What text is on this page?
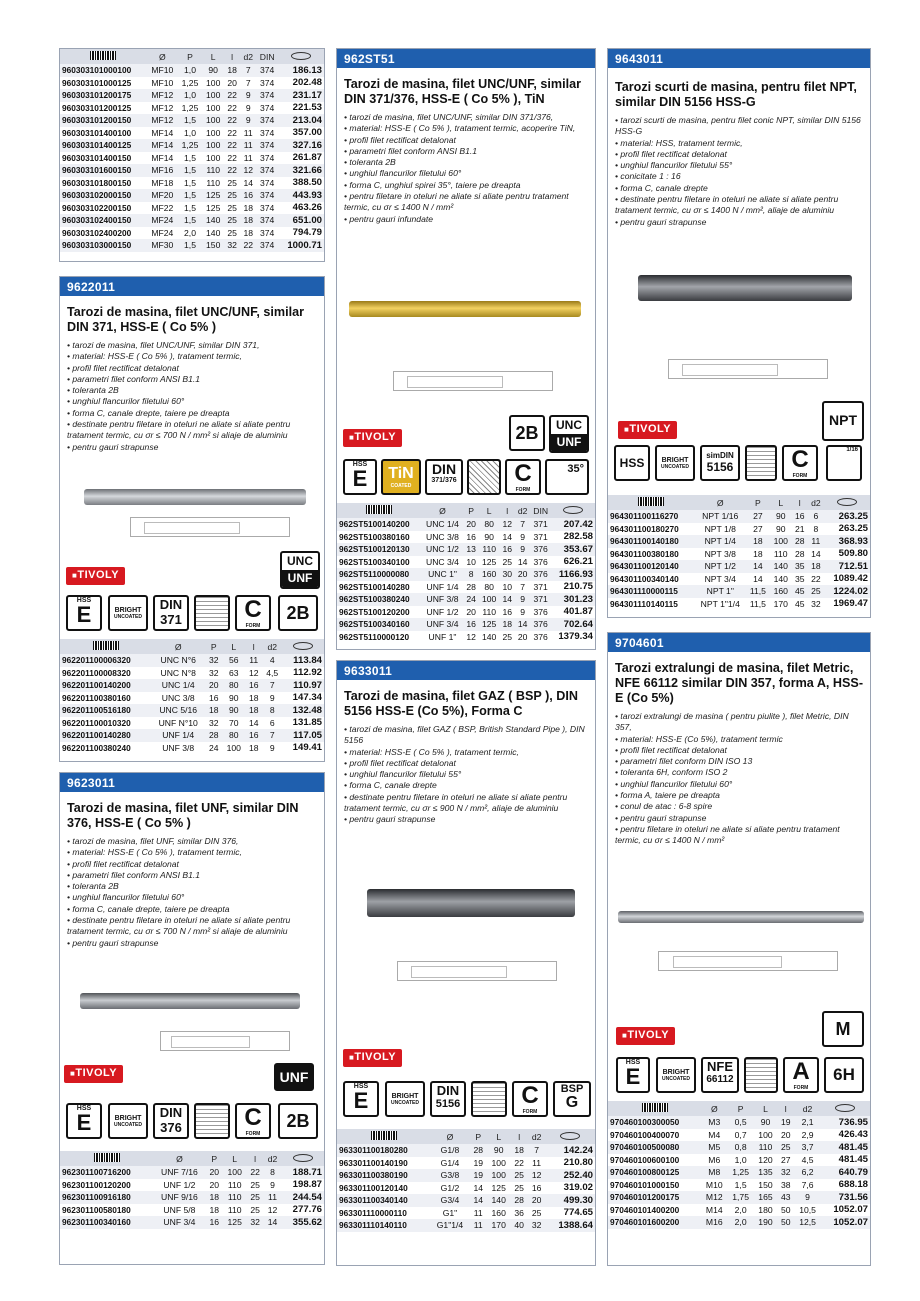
	Ø	P	L	l	d2	DIN	
960303101000100	MF10	1,0	90	18	7	374	186.13
960303101000125	MF10	1,25	100	20	7	374	202.48
960303101200175	MF12	1,0	100	22	9	374	231.17
960303101200125	MF12	1,25	100	22	9	374	221.53
960303101200150	MF12	1,5	100	22	9	374	213.04
960303101400100	MF14	1,0	100	22	11	374	357.00
960303101400125	MF14	1,25	100	22	11	374	327.16
960303101400150	MF14	1,5	100	22	11	374	261.87
960303101600150	MF16	1,5	110	22	12	374	321.66
960303101800150	MF18	1,5	110	25	14	374	388.50
960303102000150	MF20	1,5	125	25	16	374	443.93
960303102200150	MF22	1,5	125	25	18	374	463.26
960303102400150	MF24	1,5	140	25	18	374	651.00
960303102400200	MF24	2,0	140	25	18	374	794.79
960303103000150	MF30	1,5	150	32	22	374	1000.71
9622011
Tarozi de masina, filet UNC/UNF, similar DIN 371, HSS-E ( Co 5% )
• tarozi de masina, filet UNC/UNF, similar DIN 371,
• material: HSS-E ( Co 5% ), tratament termic,
• profil filet rectificat detalonat
• parametri filet conform ANSI B1.1
• toleranta 2B
• unghiul flancurilor filetului 60°
• forma C, canale drepte, taiere pe dreapta
• destinate pentru filetare in oteluri ne aliate si aliate pentru tratament termic, cu σr ≤ 700 N / mm² si aliaje de aluminiu
• pentru gauri strapunse
■ TIVOLY
UNC
UNF
HSS
E	BRIGHT
UNCOATED
DIN
371	C
FORM
2B
	Ø	P	L	l	d2	
962201100006320	UNC N°6	32	56	11	4	113.84
962201100008320	UNC N°8	32	63	12	4,5	112.92
962201100140200	UNC 1/4	20	80	16	7	110.97
962201100380160	UNC 3/8	16	90	18	9	147.34
962201100516180	UNC 5/16	18	90	18	8	132.48
962201100010320	UNF N°10	32	70	14	6	131.85
962201100140280	UNF 1/4	28	80	16	7	117.05
962201100380240	UNF 3/8	24	100	18	9	149.41
9623011
Tarozi de masina, filet UNF, similar DIN 376, HSS-E ( Co 5% )
• tarozi de masina, filet UNF, similar DIN 376,
• material: HSS-E ( Co 5% ), tratament termic,
• profil filet rectificat detalonat
• parametri filet conform ANSI B1.1
• toleranta 2B
• unghiul flancurilor filetului 60°
• forma C, canale drepte, taiere pe dreapta
• destinate pentru filetare in oteluri ne aliate si aliate pentru tratament termic, cu σr ≤ 700 N / mm² si aliaje de aluminiu
• pentru gauri strapunse
■ TIVOLY	UNF
HSS
E	BRIGHT
UNCOATED
DIN
376	C
FORM
2B
	Ø	P	L	l	d2	
962301100716200	UNF 7/16	20	100	22	8	188.71
962301100120200	UNF 1/2	20	110	25	9	198.87
962301100916180	UNF 9/16	18	110	25	11	244.54
962301100580180	UNF 5/8	18	110	25	12	277.76
962301100340160	UNF 3/4	16	125	32	14	355.62
962ST51
Tarozi de masina, filet UNC/UNF, similar DIN 371/376, HSS-E ( Co 5% ), TiN
• tarozi de masina, filet UNC/UNF, similar DIN 371/376,
• material: HSS-E ( Co 5% ), tratament termic, acoperire TiN,
• profil filet rectificat detalonat
• parametri filet conform ANSI B1.1
• toleranta 2B
• unghiul flancurilor filetului 60°
• forma C, unghiul spirei 35°, taiere pe dreapta
• pentru filetare in oteluri ne aliate si aliate pentru tratament termic, cu σr ≤ 1400 N / mm²
• pentru gauri infundate
■ TIVOLY	2B	UNC
UNF
HSS
E	TiN
COATED
DIN
371/376	C
FORM
35°
	Ø	P	L	l	d2	DIN	
962ST5100140200	UNC 1/4	20	80	12	7	371	207.42
962ST5100380160	UNC 3/8	16	90	14	9	371	282.58
962ST5100120130	UNC 1/2	13	110	16	9	376	353.67
962ST5100340100	UNC 3/4	10	125	25	14	376	626.21
962ST5110000080	UNC 1"	8	160	30	20	376	1166.93
962ST5100140280	UNF 1/4	28	80	10	7	371	210.75
962ST5100380240	UNF 3/8	24	100	14	9	371	301.23
962ST5100120200	UNF 1/2	20	110	16	9	376	401.87
962ST5100340160	UNF 3/4	16	125	18	14	376	702.64
962ST5110000120	UNF 1"	12	140	25	20	376	1379.34
9633011
Tarozi de masina, filet GAZ ( BSP ), DIN 5156 HSS-E (Co 5%), Forma C
• tarozi de masina, filet GAZ ( BSP, British Standard Pipe ), DIN 5156
• material: HSS-E ( Co 5% ), tratament termic,
• profil filet rectificat detalonat
• unghiul flancurilor filetului 55°
• forma C, canale drepte
• destinate pentru filetare in oteluri ne aliate si aliate pentru tratament termic, cu σr ≤ 900 N / mm², aliaje de aluminiu
• pentru gauri strapunse
■ TIVOLY
HSS
E	BRIGHT
UNCOATED
DIN
5156	C
FORM
BSP
G
	Ø	P	L	l	d2	
963301100180280	G1/8	28	90	18	7	142.24
963301100140190	G1/4	19	100	22	11	210.80
963301100380190	G3/8	19	100	25	12	252.40
963301100120140	G1/2	14	125	25	16	319.02
963301100340140	G3/4	14	140	28	20	499.30
963301110000110	G1"	11	160	36	25	774.65
963301110140110	G1"1/4	11	170	40	32	1388.64
9643011
Tarozi scurti de masina, pentru filet NPT, similar DIN 5156 HSS-G
• tarozi scurti de masina, pentru filet conic NPT, similar DIN 5156 HSS-G
• material: HSS, tratament termic,
• profil filet rectificat detalonat
• unghiul flancurilor filetului 55°
• conicitate 1 : 16
• forma C, canale drepte
• destinate pentru filetare in oteluri ne aliate si aliate pentru tratament termic, cu σr ≤ 1400 N / mm², aliaje de aluminiu
• pentru gauri strapunse
■ TIVOLY
NPT
HSS	BRIGHT
UNCOATED
simDIN
5156	C
FORM
1/16
	Ø	P	L	l	d2	
964301100116270	NPT 1/16	27	90	16	6	263.25
964301100180270	NPT 1/8	27	90	21	8	263.25
964301100140180	NPT 1/4	18	100	28	11	368.93
964301100380180	NPT 3/8	18	110	28	14	509.80
964301100120140	NPT 1/2	14	140	35	18	712.51
964301100340140	NPT 3/4	14	140	35	22	1089.42
964301110000115	NPT 1"	11,5	160	45	25	1224.02
964301110140115	NPT 1"1/4	11,5	170	45	32	1969.47
9704601
Tarozi extralungi de masina, filet Metric, NFE 66112 similar DIN 357, forma A, HSS-E (Co 5%)
• tarozi extralungi de masina ( pentru piulite ), filet Metric, DIN 357,
• material: HSS-E (Co 5%), tratament termic
• profil filet rectificat detalonat
• parametri filet conform DIN ISO 13
• toleranta 6H, conform ISO 2
• unghiul flancurilor filetului 60°
• forma A, taiere pe dreapta
• conul de atac : 6-8 spire
• pentru gauri strapunse
• pentru filetare in oteluri ne aliate si aliate pentru tratament termic, cu σr ≤ 1400 N / mm²
■ TIVOLY	M
HSS
E	BRIGHT
UNCOATED
NFE
66112	A
FORM
6H
	Ø	P	L	l	d2	
970460100300050	M3	0,5	90	19	2,1	736.95
970460100400070	M4	0,7	100	20	2,9	426.43
970460100500080	M5	0,8	110	25	3,7	481.45
970460100600100	M6	1,0	120	27	4,5	481.45
970460100800125	M8	1,25	135	32	6,2	640.79
970460101000150	M10	1,5	150	38	7,6	688.18
970460101200175	M12	1,75	165	43	9	731.56
970460101400200	M14	2,0	180	50	10,5	1052.07
970460101600200	M16	2,0	190	50	12,5	1052.07
